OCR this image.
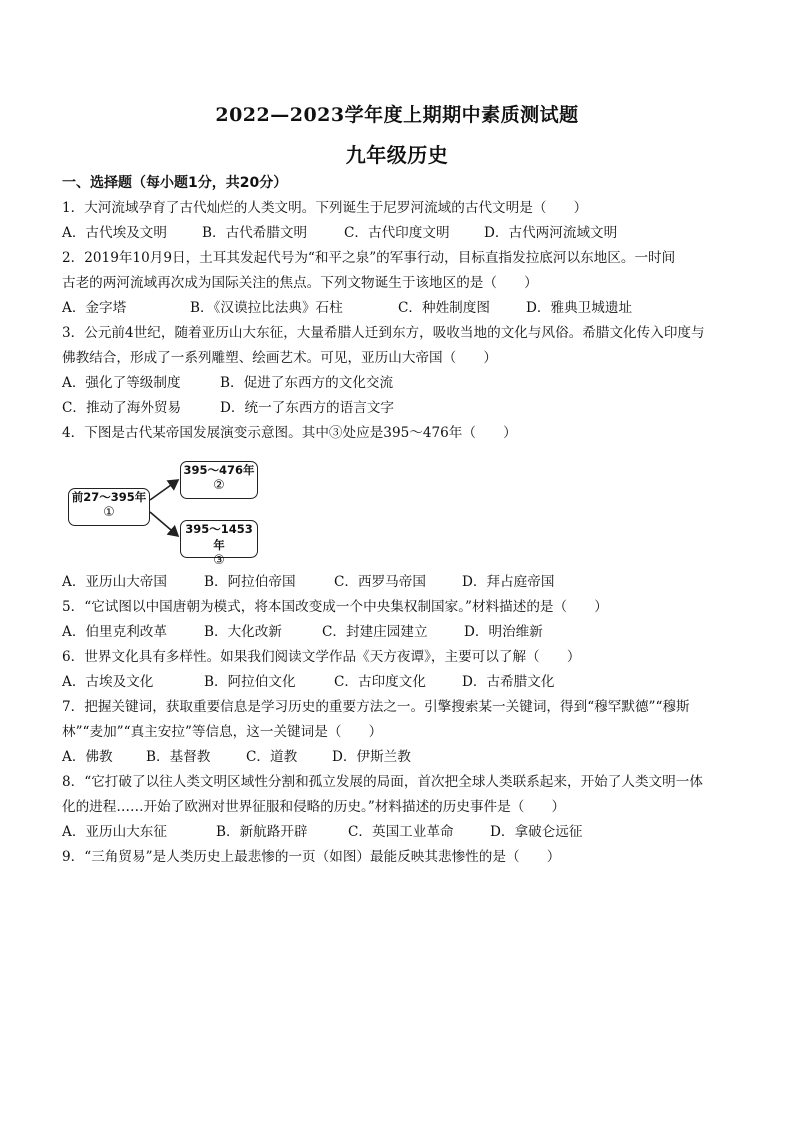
2022—2023学年度上期期中素质测试题
九年级历史
一、选择题（每小题1分，共20分）
1．大河流域孕育了古代灿烂的人类文明。下列诞生于尼罗河流域的古代文明是（　　）
A．古代埃及文明	B．古代希腊文明	C．古代印度文明	D．古代两河流域文明
2．2019年10月9日，土耳其发起代号为“和平之泉”的军事行动，目标直指发拉底河以东地区。一时间
古老的两河流域再次成为国际关注的焦点。下列文物诞生于该地区的是（　　）
A．金字塔	B．《汉谟拉比法典》石柱	C．种姓制度图	D．雅典卫城遗址
3．公元前4世纪，随着亚历山大东征，大量希腊人迁到东方，吸收当地的文化与风俗。希腊文化传入印度与
佛教结合，形成了一系列雕塑、绘画艺术。可见，亚历山大帝国（　　）
A．强化了等级制度	B．促进了东西方的文化交流
C．推动了海外贸易	D．统一了东西方的语言文字
4．下图是古代某帝国发展演变示意图。其中③处应是395～476年（　　）
前27～395年
①
395～476年
②
395～1453年
③
A．亚历山大帝国	B．阿拉伯帝国	C．西罗马帝国	D．拜占庭帝国
5．“它试图以中国唐朝为模式，将本国改变成一个中央集权制国家。”材料描述的是（　　）
A．伯里克利改革	B．大化改新	C．封建庄园建立	D．明治维新
6．世界文化具有多样性。如果我们阅读文学作品《天方夜谭》，主要可以了解（　　）
A．古埃及文化	B．阿拉伯文化	C．古印度文化	D．古希腊文化
7．把握关键词，获取重要信息是学习历史的重要方法之一。引擎搜索某一关键词，得到“穆罕默德”“穆斯
林”“麦加”“真主安拉”等信息，这一关键词是（　　）
A．佛教 B．基督教	C．道教	D．伊斯兰教
8．“它打破了以往人类文明区域性分割和孤立发展的局面，首次把全球人类联系起来，开始了人类文明一体
化的进程……开始了欧洲对世界征服和侵略的历史。”材料描述的历史事件是（　　）
A．亚历山大东征	B．新航路开辟	C．英国工业革命	D．拿破仑远征
9．“三角贸易”是人类历史上最悲惨的一页（如图）最能反映其悲惨性的是（　　）
